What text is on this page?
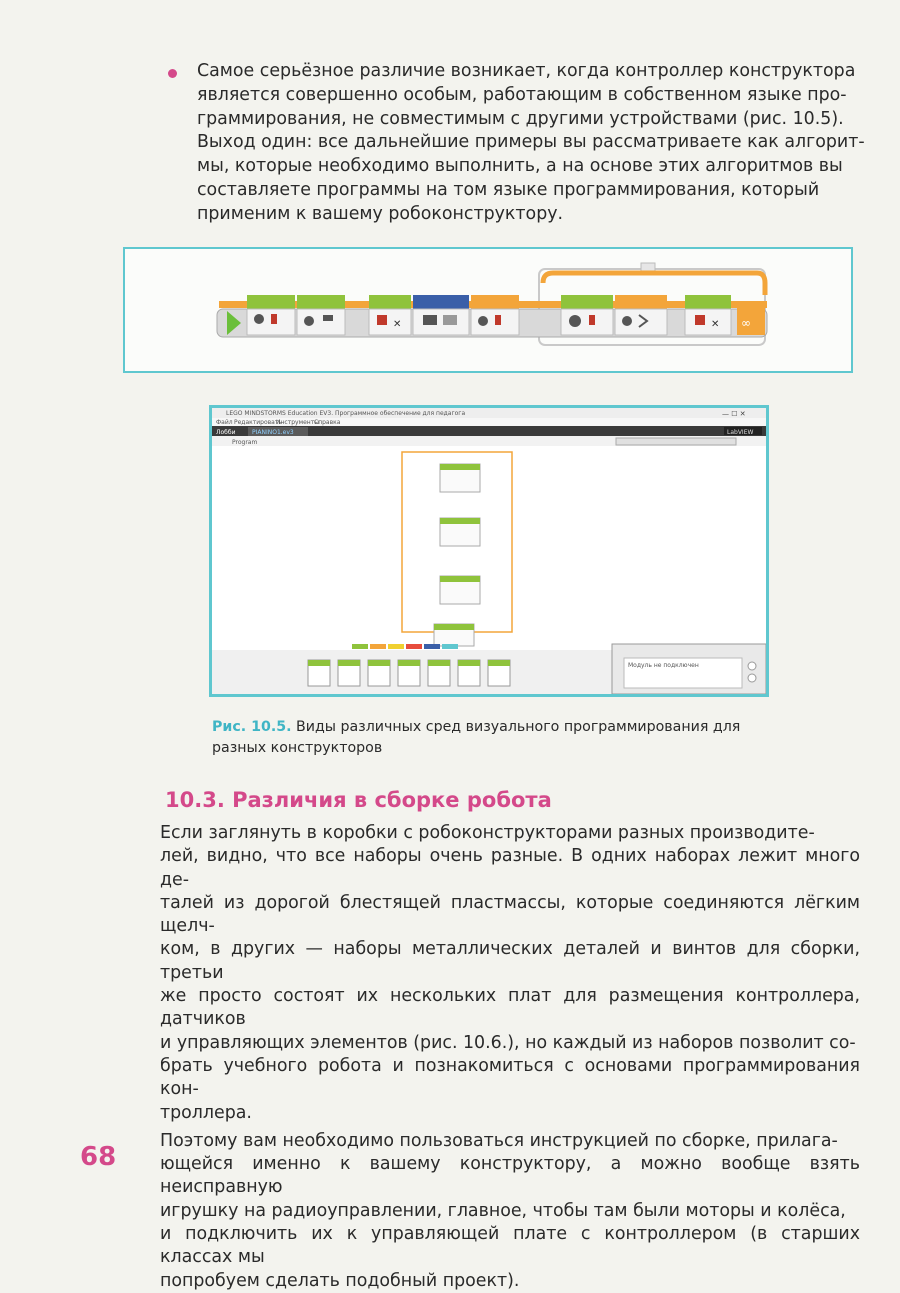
Самое серьёзное различие возникает, когда контроллер конструктора
является совершенно особым, работающим в собственном языке про-
граммирования, не совместимым с другими устройствами (рис. 10.5).
Выход один: все дальнейшие примеры вы рассматриваете как алгорит-
мы, которые необходимо выполнить, а на основе этих алгоритмов вы
составляете программы на том языке программирования, который
применим к вашему робоконструктору.

✕	✕ ∞
LEGO MINDSTORMS Education EV3. Программное обеспечение для педагога	— ☐ ✕
Файл Редактировать
Инструменты
Справка
Лобби	PIANINO1.ev3	LabVIEW
Program
Модуль не подключен

Рис. 10.5. Виды различных сред визуального программирования для
разных конструкторов

10.3. Различия в сборке робота

Если заглянуть в коробки с робоконструкторами разных производите-
лей, видно, что все наборы очень разные. В одних наборах лежит много де-
талей из дорогой блестящей пластмассы, которые соединяются лёгким щелч-
ком, в других — наборы металлических деталей и винтов для сборки, третьи
же просто состоят их нескольких плат для размещения контроллера, датчиков
и управляющих элементов (рис. 10.6.), но каждый из наборов позволит со-
брать учебного робота и познакомиться с основами программирования кон-
троллера.

Поэтому вам необходимо пользоваться инструкцией по сборке, прилага-
ющейся именно к вашему конструктору, а можно вообще взять неисправную
игрушку на радиоуправлении, главное, чтобы там были моторы и колёса,
и подключить их к управляющей плате с контроллером (в старших классах мы
попробуем сделать подобный проект).

68
